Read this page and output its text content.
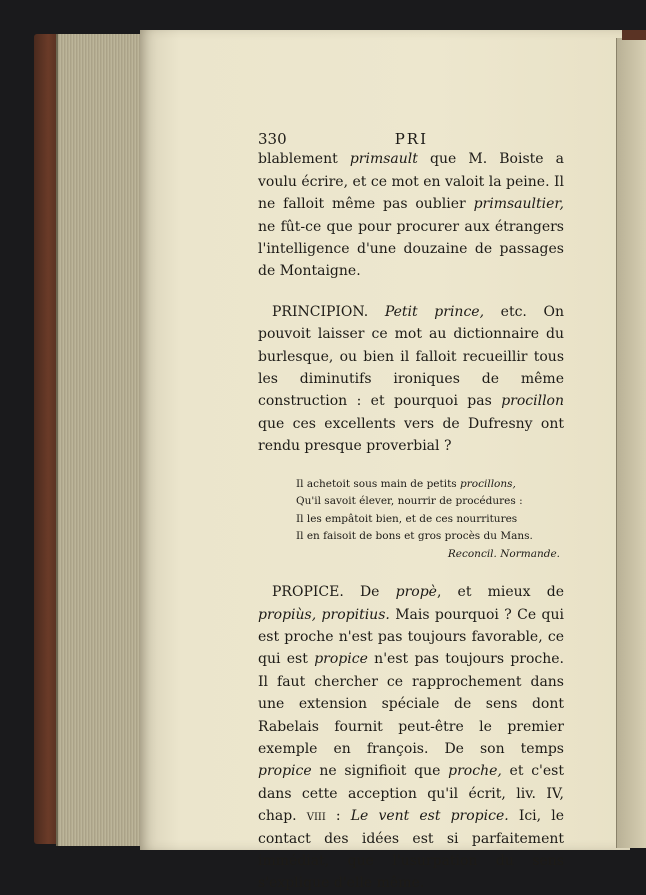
330	PRI

blablement primsault que M. Boiste a voulu écrire, et ce mot en valoit la peine. Il ne falloit même pas oublier primsaultier, ne fût-ce que pour procurer aux étrangers l'intelligence d'une douzaine de passages de Montaigne.

PRINCIPION. Petit prince, etc. On pouvoit laisser ce mot au dictionnaire du burlesque, ou bien il falloit recueillir tous les diminutifs ironiques de même construction : et pourquoi pas procillon que ces excellents vers de Dufresny ont rendu presque proverbial ?

Il achetoit sous main de petits procillons,
Qu'il savoit élever, nourrir de procédures :
Il les empâtoit bien, et de ces nourritures
Il en faisoit de bons et gros procès du Mans.
Reconcil. Normande.

PROPICE. De propè, et mieux de propiùs, propitius. Mais pourquoi ? Ce qui est proche n'est pas toujours favorable, ce qui est propice n'est pas toujours proche. Il faut chercher ce rapprochement dans une extension spéciale de sens dont Rabelais fournit peut-être le premier exemple en françois. De son temps propice ne signifioit que proche, et c'est dans cette acception qu'il écrit, liv. IV, chap. viii : Le vent est propice. Ici, le contact des idées est si parfaitement immédiat, que l'usurpation du sens s'explique d'elle même.
